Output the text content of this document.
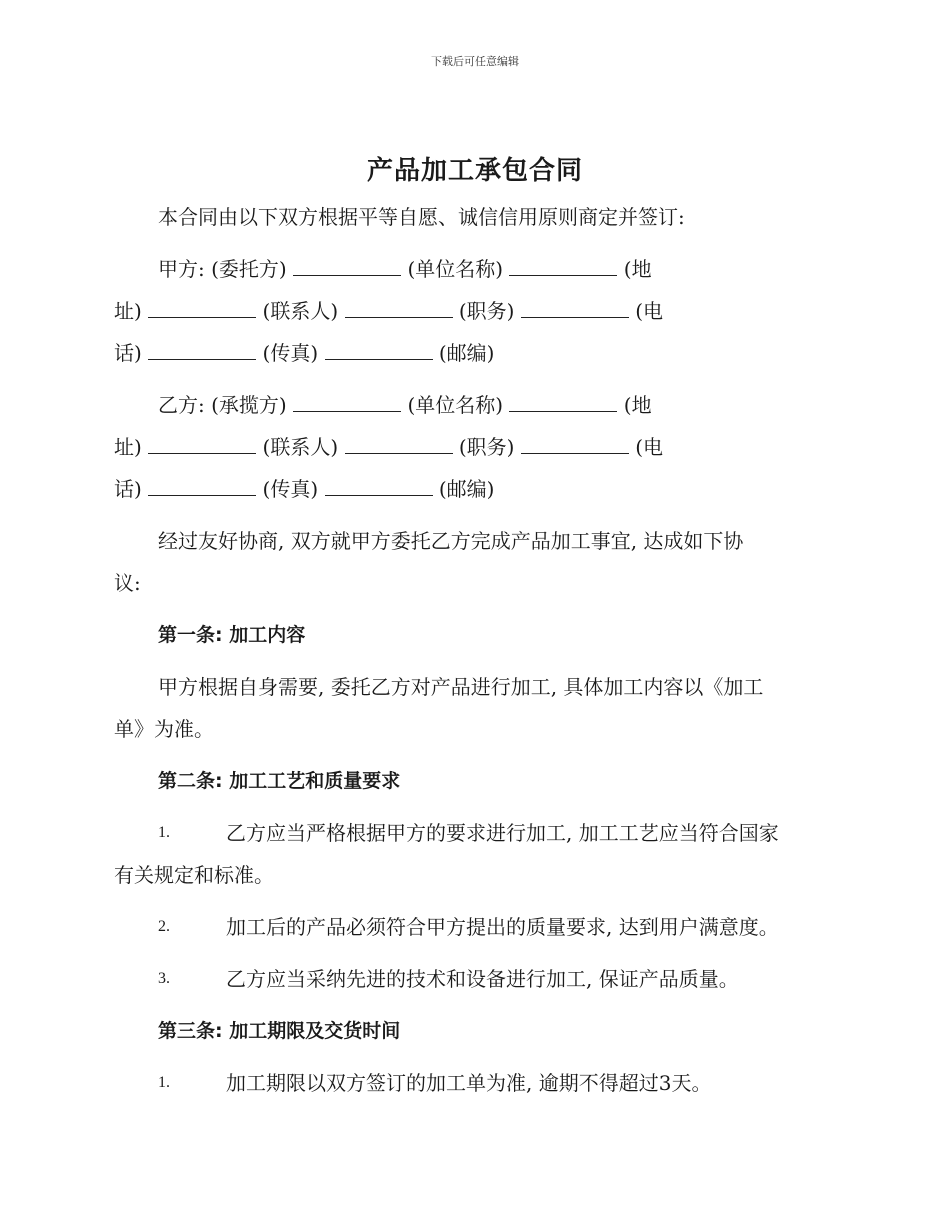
下载后可任意编辑
产品加工承包合同

本合同由以下双方根据平等自愿、诚信信用原则商定并签订:

甲方: (委托方)	(单位名称)	(地

址)	(联系人)	(职务)	(电

话)	(传真)	(邮编)

乙方: (承揽方)	(单位名称)	(地

址)	(联系人)	(职务)	(电

话)	(传真)	(邮编)

经过友好协商, 双方就甲方委托乙方完成产品加工事宜, 达成如下协

议:

第一条: 加工内容

甲方根据自身需要, 委托乙方对产品进行加工, 具体加工内容以《加工

单》为准。

第二条: 加工工艺和质量要求

1.	乙方应当严格根据甲方的要求进行加工, 加工工艺应当符合国家

有关规定和标准。

2.	加工后的产品必须符合甲方提出的质量要求, 达到用户满意度。
3.	乙方应当采纳先进的技术和设备进行加工, 保证产品质量。

第三条: 加工期限及交货时间

1.	加工期限以双方签订的加工单为准, 逾期不得超过3天。
